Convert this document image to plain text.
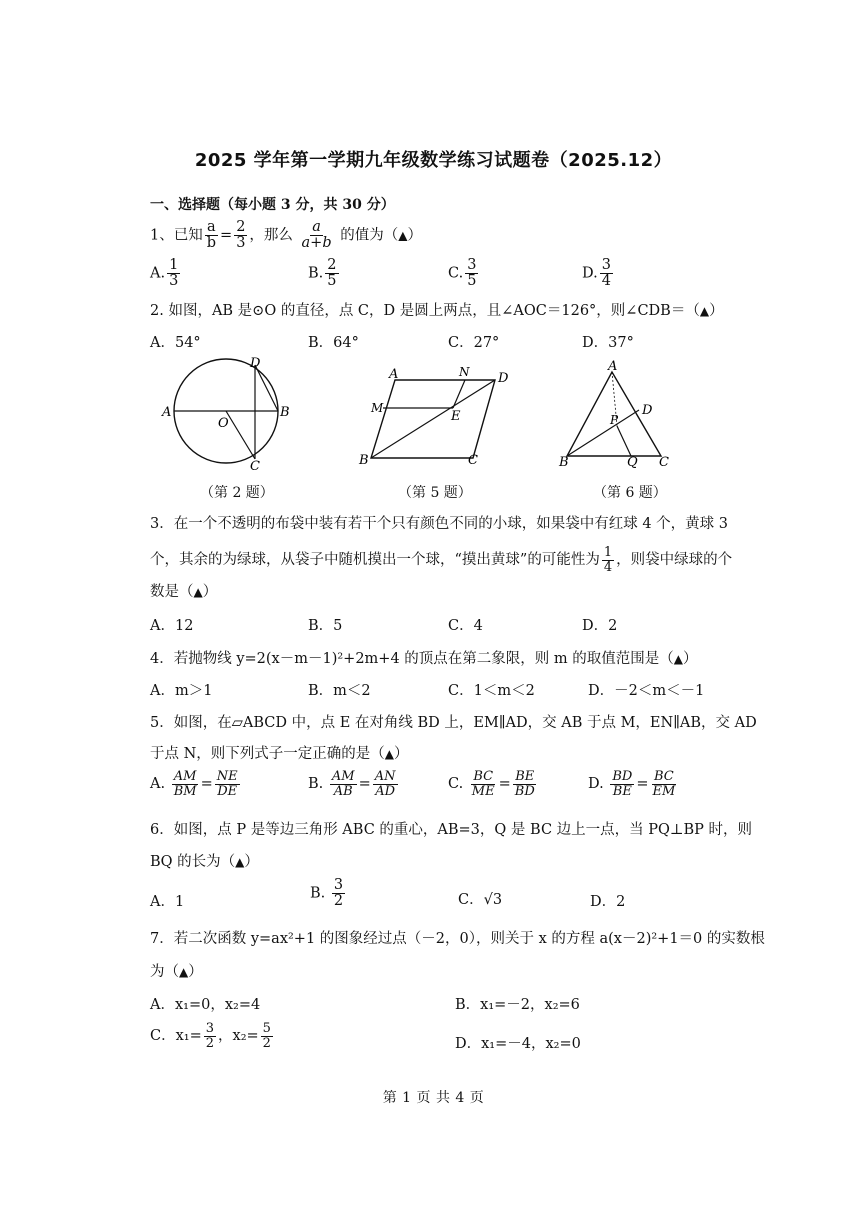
2025 学年第一学期九年级数学练习试题卷（2025.12）
一、选择题（每小题 3 分，共 30 分）
1、已知 $\frac{a}{b} = \frac{2}{3}$ ，那么 $\frac{a}{a+b}$ 的值为（▲）
A. $\frac{1}{3}$	B. $\frac{2}{5}$	C. $\frac{3}{5}$	D. $\frac{3}{4}$
2. 如图，AB 是⊙O 的直径，点 C，D 是圆上两点，且∠AOC＝126°，则∠CDB＝（▲）
A．54°	B．64°	C．27°	D．37°
A	B
C
D
O
（第 2 题）
A	D
B	C
E
M
N
（第 5 题）
A
B	C
D
P
Q
（第 6 题）
3．在一个不透明的布袋中装有若干个只有颜色不同的小球，如果袋中有红球 4 个，黄球 3
个，其余的为绿球，从袋子中随机摸出一个球，“摸出黄球”的可能性为 $\frac{1}{4}$ ，则袋中绿球的个
数是（▲）
A．12	B．5	C．4	D．2
4．若抛物线 y=2(x－m－1)²+2m+4 的顶点在第二象限，则 m 的取值范围是（▲）
A．m＞1	B．m＜2	C．1＜m＜2	D．－2＜m＜－1
5．如图，在▱ABCD 中，点 E 在对角线 BD 上，EM∥AD，交 AB 于点 M，EN∥AB，交 AD
于点 N，则下列式子一定正确的是（▲）
A. $\frac{AM}{BM} = \frac{NE}{DE}$	B. $\frac{AM}{AB} = \frac{AN}{AD}$	C. $\frac{BC}{ME} = \frac{BE}{BD}$	D. $\frac{BD}{BE} = \frac{BC}{EM}$
6．如图，点 P 是等边三角形 ABC 的重心，AB=3，Q 是 BC 边上一点，当 PQ⊥BP 时，则
BQ 的长为（▲）
A．1
B. $\frac{3}{2}$	C．√3	D．2
7．若二次函数 y=ax²+1 的图象经过点（－2，0），则关于 x 的方程 a(x－2)²+1＝0 的实数根
为（▲）
A．x₁=0，x₂=4	B．x₁=－2，x₂=6
C．$x_1= \frac{3}{2}$ ，$x_2= \frac{5}{2}$	D．x₁=－4，x₂=0
第 1 页 共 4 页
